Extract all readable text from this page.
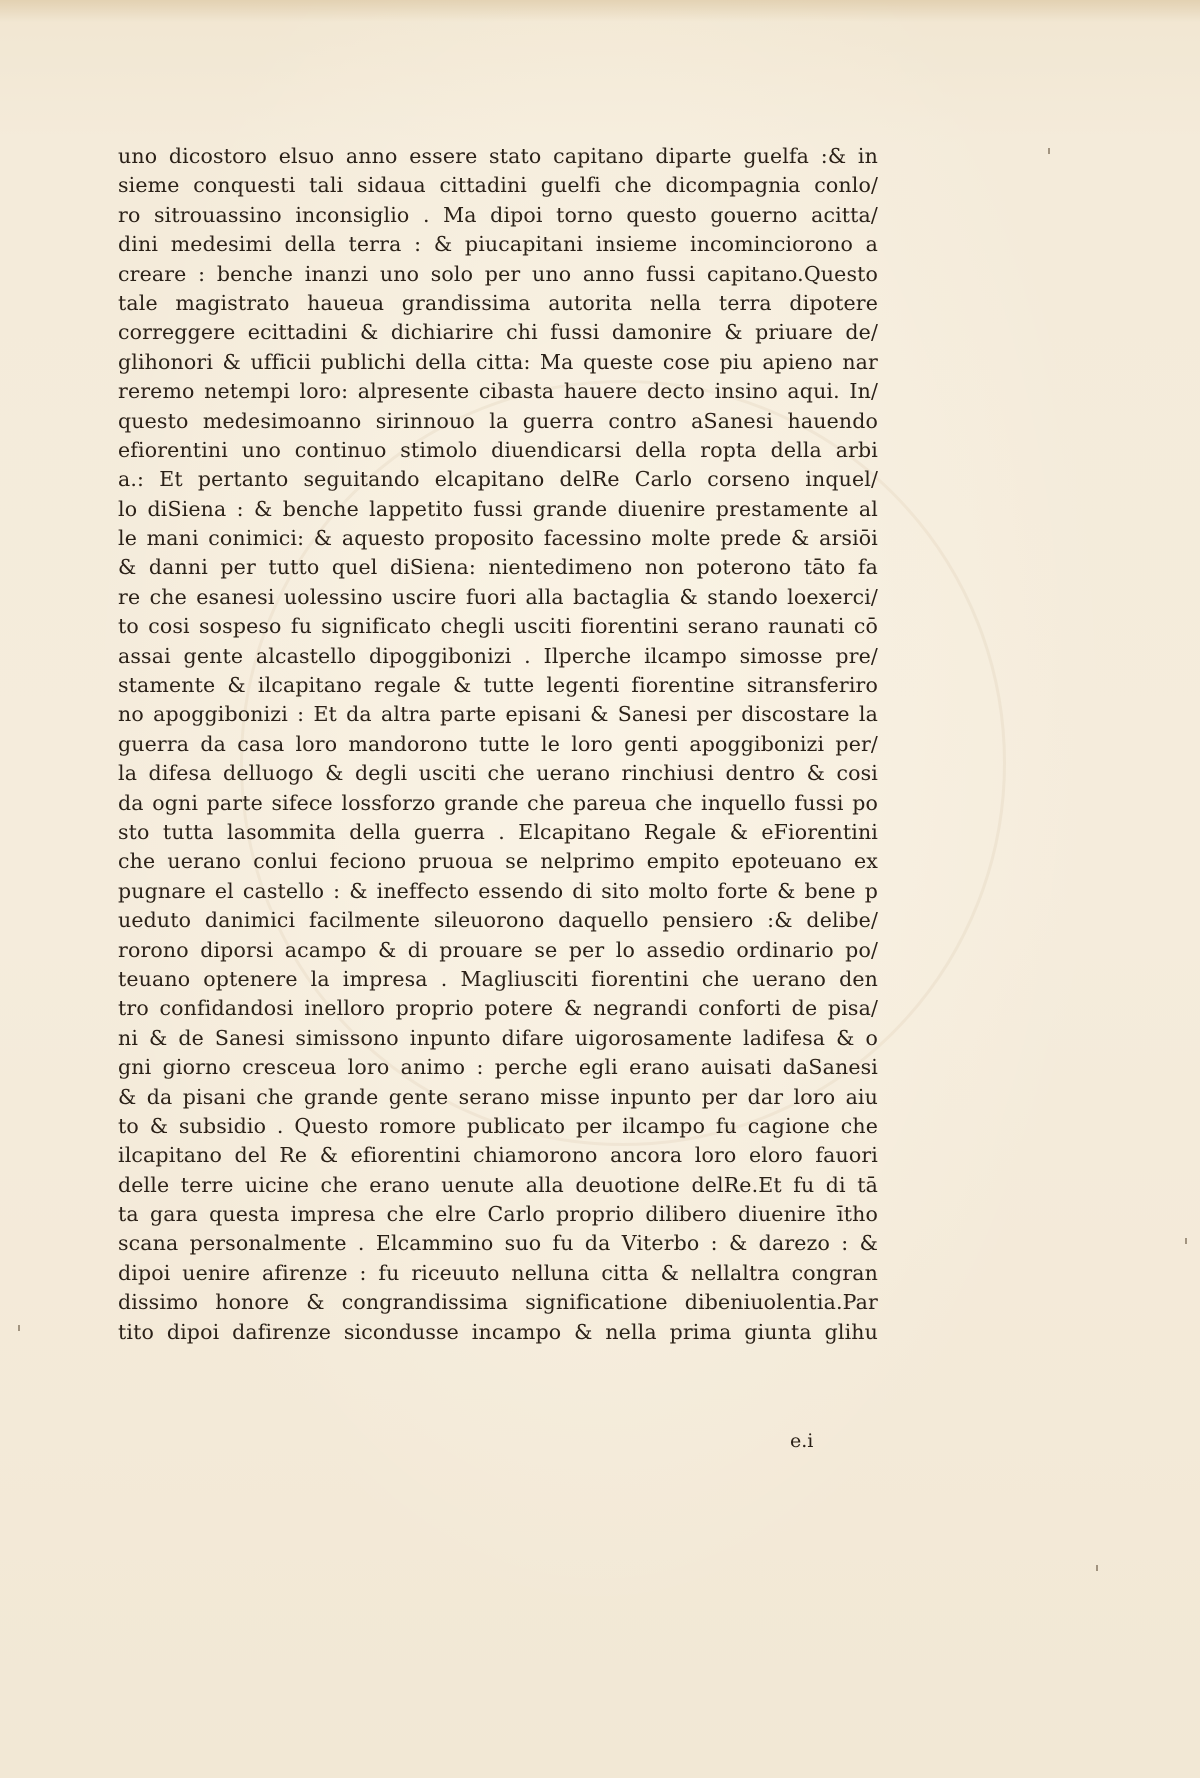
uno dicostoro elsuo anno essere stato capitano diparte guelfa :& in
sieme conquesti tali sidaua cittadini guelfi che dicompagnia conlo/
ro sitrouassino inconsiglio . Ma dipoi torno questo gouerno acitta/
dini medesimi della terra : & piucapitani insieme incominciorono a
creare : benche inanzi uno solo per uno anno fussi capitano.Questo
tale magistrato haueua grandissima autorita nella terra dipotere
correggere ecittadini & dichiarire chi fussi damonire & priuare de/
glihonori & ufficii publichi della citta: Ma queste cose piu apieno nar
reremo netempi loro: alpresente cibasta hauere decto insino aqui. In/
questo medesimoanno sirinnouo la guerra contro aSanesi hauendo
efiorentini uno continuo stimolo diuendicarsi della ropta della arbi
a.: Et pertanto seguitando elcapitano delRe Carlo corseno inquel/
lo diSiena : & benche lappetito fussi grande diuenire prestamente al
le mani conimici: & aquesto proposito facessino molte prede & arsiōi
& danni per tutto quel diSiena: nientedimeno non poterono tāto fa
re che esanesi uolessino uscire fuori alla bactaglia & stando loexerci/
to cosi sospeso fu significato chegli usciti fiorentini serano raunati cō
assai gente alcastello dipoggibonizi . Ilperche ilcampo simosse pre/
stamente & ilcapitano regale & tutte legenti fiorentine sitransferiro
no apoggibonizi : Et da altra parte episani & Sanesi per discostare la
guerra da casa loro mandorono tutte le loro genti apoggibonizi per/
la difesa delluogo & degli usciti che uerano rinchiusi dentro & cosi
da ogni parte sifece lossforzo grande che pareua che inquello fussi po
sto tutta lasommita della guerra . Elcapitano Regale & eFiorentini
che uerano conlui feciono pruoua se nelprimo empito epoteuano ex
pugnare el castello : & ineffecto essendo di sito molto forte & bene p
ueduto danimici facilmente sileuorono daquello pensiero :& delibe/
rorono diporsi acampo & di prouare se per lo assedio ordinario po/
teuano optenere la impresa . Magliusciti fiorentini che uerano den
tro confidandosi inelloro proprio potere & negrandi conforti de pisa/
ni & de Sanesi simissono inpunto difare uigorosamente ladifesa & o
gni giorno crescеua loro animo : perche egli erano auisati daSanesi
& da pisani che grande gente serano misse inpunto per dar loro aiu
to & subsidio . Questo romore publicato per ilcampo fu cagione che
ilcapitano del Re & efiorentini chiamorono ancora loro eloro fauori
delle terre uicine che erano uenute alla deuotione delRe.Et fu di tā
ta gara questa impresa che elre Carlo proprio dilibero diuenire ītho
scana personalmente . Elcammino suo fu da Viterbo : & darezo : &
dipoi uenire afirenze : fu riceuuto nelluna citta & nellaltra congran
dissimo honore & congrandissima significatione dibeniuolentia.Par
tito dipoi dafirenze sicondusse incampo & nella prima giunta glihu
e.i
